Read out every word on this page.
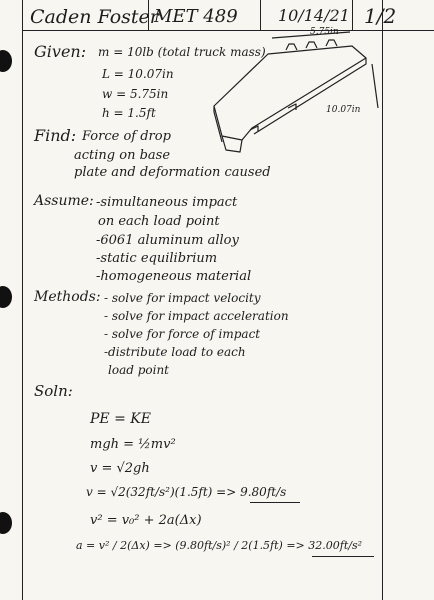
Caden Foster
MET 489	10/14/21 1/2
Given: m = 10lb (total truck mass)
L = 10.07in
w = 5.75in
h = 1.5ft
5.75in
10.07in
Find: Force of drop
acting on base
plate and deformation caused
Assume: -simultaneous impact
on each load point
-6061 aluminum alloy
-static equilibrium
-homogeneous material
Methods: - solve for impact velocity
- solve for impact acceleration
- solve for force of impact
-distribute load to each
load point
Soln:
PE = KE
mgh = ½mv²
v = √2gh
v = √2(32ft/s²)(1.5ft) => 9.80ft/s
v² = v₀² + 2a(Δx)
a = v² / 2(Δx) => (9.80ft/s)² / 2(1.5ft) => 32.00ft/s²
